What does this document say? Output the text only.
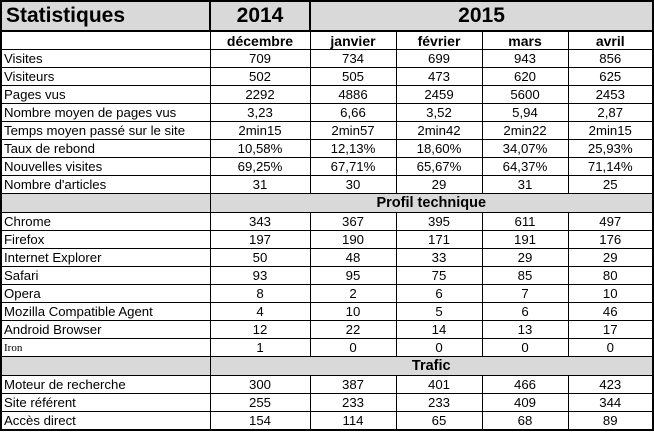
Statistiques	2014	2015			
	décembre	janvier	février	mars	avril
Visites	709	734	699	943	856
Visiteurs	502	505	473	620	625
Pages vus	2292	4886	2459	5600	2453
Nombre moyen de pages vus	3,23	6,66	3,52	5,94	2,87
Temps moyen passé sur le site	2min15	2min57	2min42	2min22	2min15
Taux de rebond	10,58%	12,13%	18,60%	34,07%	25,93%
Nouvelles visites	69,25%	67,71%	65,67%	64,37%	71,14%
Nombre d'articles	31	30	29	31	25
	Profil technique				
Chrome	343	367	395	611	497
Firefox	197	190	171	191	176
Internet Explorer	50	48	33	29	29
Safari	93	95	75	85	80
Opera	8	2	6	7	10
Mozilla Compatible Agent	4	10	5	6	46
Android Browser	12	22	14	13	17
Iron	1	0	0	0	0
	Trafic				
Moteur de recherche	300	387	401	466	423
Site référent	255	233	233	409	344
Accès direct	154	114	65	68	89
